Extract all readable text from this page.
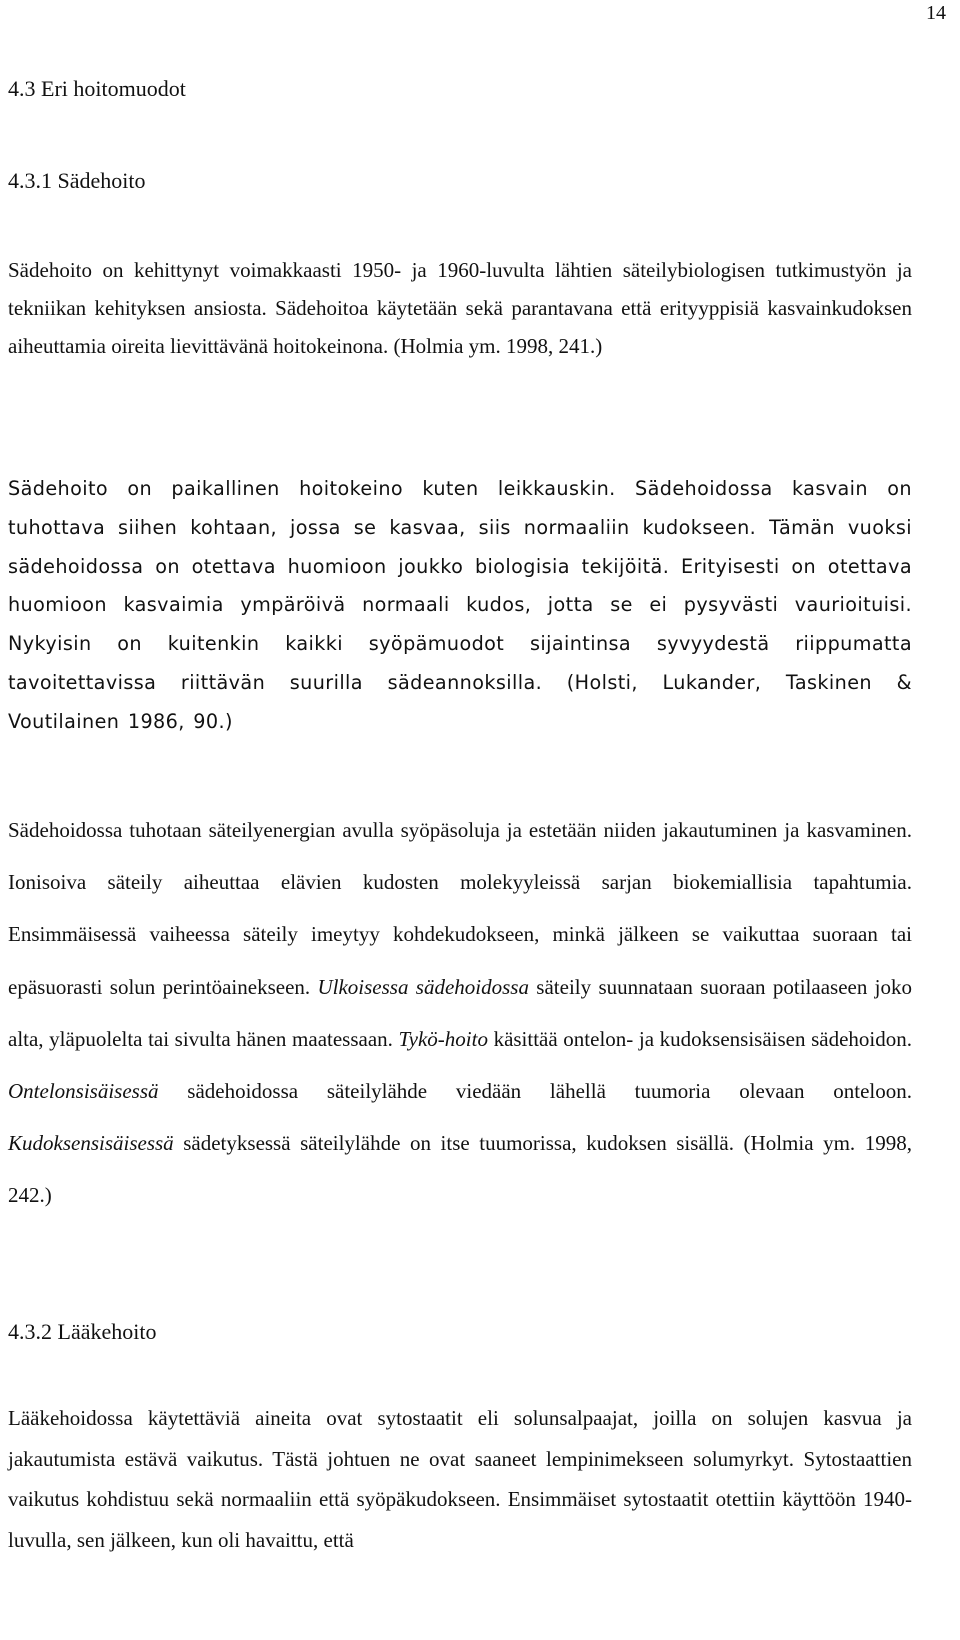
14
4.3 Eri hoitomuodot
4.3.1 Sädehoito
Sädehoito on kehittynyt voimakkaasti 1950- ja 1960-luvulta lähtien säteilybiologisen tutkimustyön ja tekniikan kehityksen ansiosta. Sädehoitoa käytetään sekä parantavana että erityyppisiä kasvainkudoksen aiheuttamia oireita lievittävänä hoitokeinona. (Holmia ym. 1998, 241.)
Sädehoito on paikallinen hoitokeino kuten leikkauskin. Sädehoidossa kasvain on tuhottava siihen kohtaan, jossa se kasvaa, siis normaaliin kudokseen. Tämän vuoksi sädehoidossa on otettava huomioon joukko biologisia tekijöitä. Erityisesti on otettava huomioon kasvaimia ympäröivä normaali kudos, jotta se ei pysyvästi vaurioituisi. Nykyisin on kuitenkin kaikki syöpämuodot sijaintinsa syvyydestä riippumatta tavoitettavissa riittävän suurilla sädeannoksilla. (Holsti, Lukander, Taskinen & Voutilainen 1986, 90.)
Sädehoidossa tuhotaan säteilyenergian avulla syöpäsoluja ja estetään niiden jakautuminen ja kasvaminen. Ionisoiva säteily aiheuttaa elävien kudosten molekyyleissä sarjan biokemiallisia tapahtumia. Ensimmäisessä vaiheessa säteily imeytyy kohdekudokseen, minkä jälkeen se vaikuttaa suoraan tai epäsuorasti solun perintöainekseen. Ulkoisessa sädehoidossa säteily suunnataan suoraan potilaaseen joko alta, yläpuolelta tai sivulta hänen maatessaan. Tykö-hoito käsittää ontelon- ja kudoksensisäisen sädehoidon. Ontelonsisäisessä sädehoidossa säteilylähde viedään lähellä tuumoria olevaan onteloon. Kudoksensisäisessä sädetyksessä säteilylähde on itse tuumorissa, kudoksen sisällä. (Holmia ym. 1998, 242.)
4.3.2 Lääkehoito
Lääkehoidossa käytettäviä aineita ovat sytostaatit eli solunsalpaajat, joilla on solujen kasvua ja jakautumista estävä vaikutus. Tästä johtuen ne ovat saaneet lempinimekseen solumyrkyt. Sytostaattien vaikutus kohdistuu sekä normaaliin että syöpäkudokseen. Ensimmäiset sytostaatit otettiin käyttöön 1940-luvulla, sen jälkeen, kun oli havaittu, että
